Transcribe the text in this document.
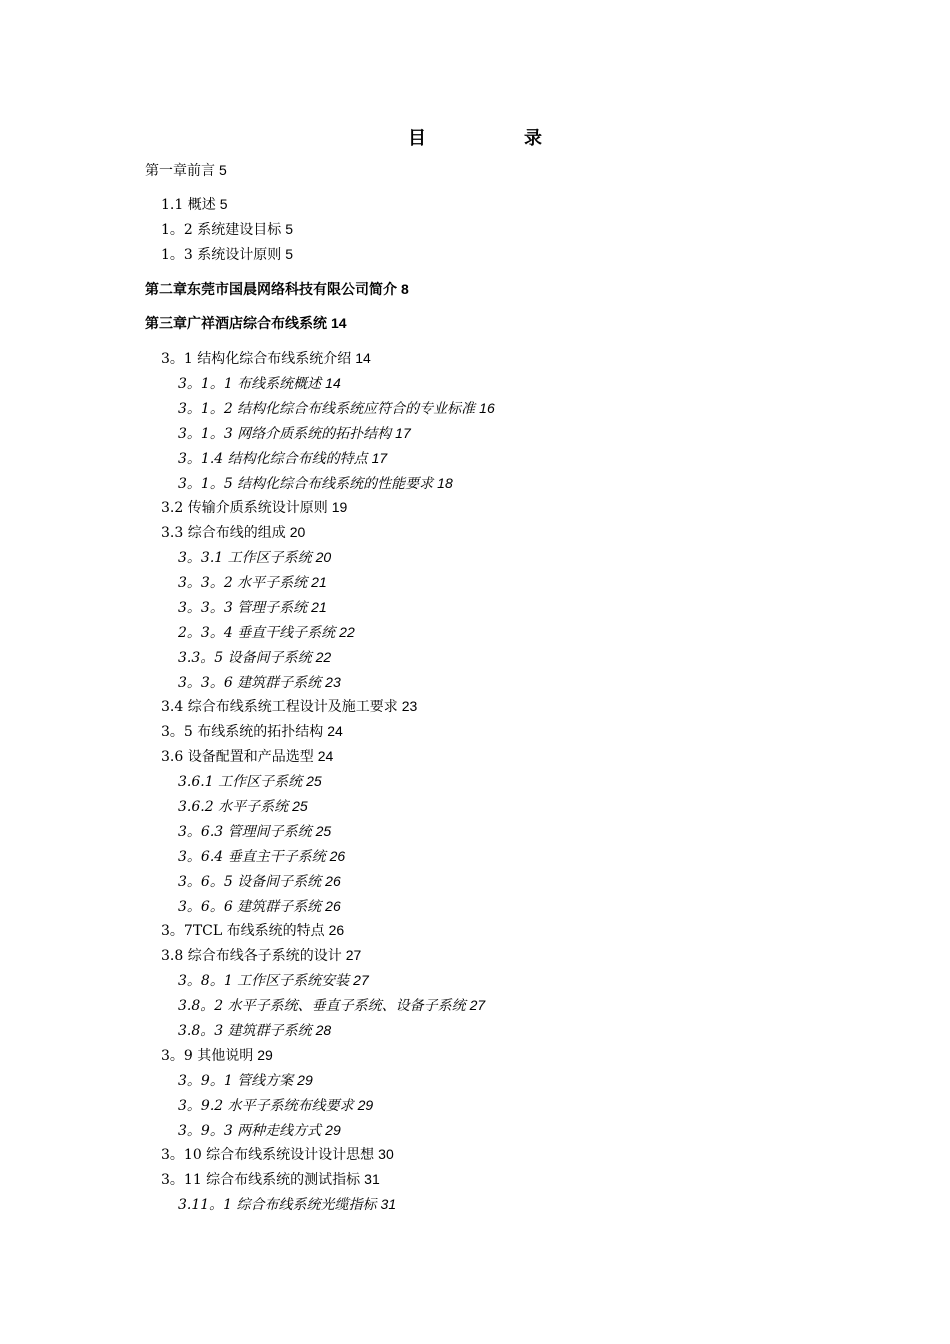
目　录
第一章前言 5
1.1 概述 5
1。2 系统建设目标 5
1。3 系统设计原则 5
第二章东莞市国晨网络科技有限公司简介 8
第三章广祥酒店综合布线系统 14
3。1 结构化综合布线系统介绍 14
3。1。1 布线系统概述 14
3。1。2 结构化综合布线系统应符合的专业标准 16
3。1。3 网络介质系统的拓扑结构 17
3。1.4 结构化综合布线的特点 17
3。1。5 结构化综合布线系统的性能要求 18
3.2 传输介质系统设计原则 19
3.3 综合布线的组成 20
3。3.1 工作区子系统 20
3。3。2 水平子系统 21
3。3。3 管理子系统 21
2。3。4 垂直干线子系统 22
3.3。5 设备间子系统 22
3。3。6 建筑群子系统 23
3.4 综合布线系统工程设计及施工要求 23
3。5 布线系统的拓扑结构 24
3.6 设备配置和产品选型 24
3.6.1 工作区子系统 25
3.6.2 水平子系统 25
3。6.3 管理间子系统 25
3。6.4 垂直主干子系统 26
3。6。5 设备间子系统 26
3。6。6 建筑群子系统 26
3。7TCL 布线系统的特点 26
3.8 综合布线各子系统的设计 27
3。8。1 工作区子系统安装 27
3.8。2 水平子系统、垂直子系统、设备子系统 27
3.8。3 建筑群子系统 28
3。9 其他说明 29
3。9。1 管线方案 29
3。9.2 水平子系统布线要求 29
3。9。3 两种走线方式 29
3。10 综合布线系统设计设计思想 30
3。11 综合布线系统的测试指标 31
3.11。1 综合布线系统光缆指标 31
